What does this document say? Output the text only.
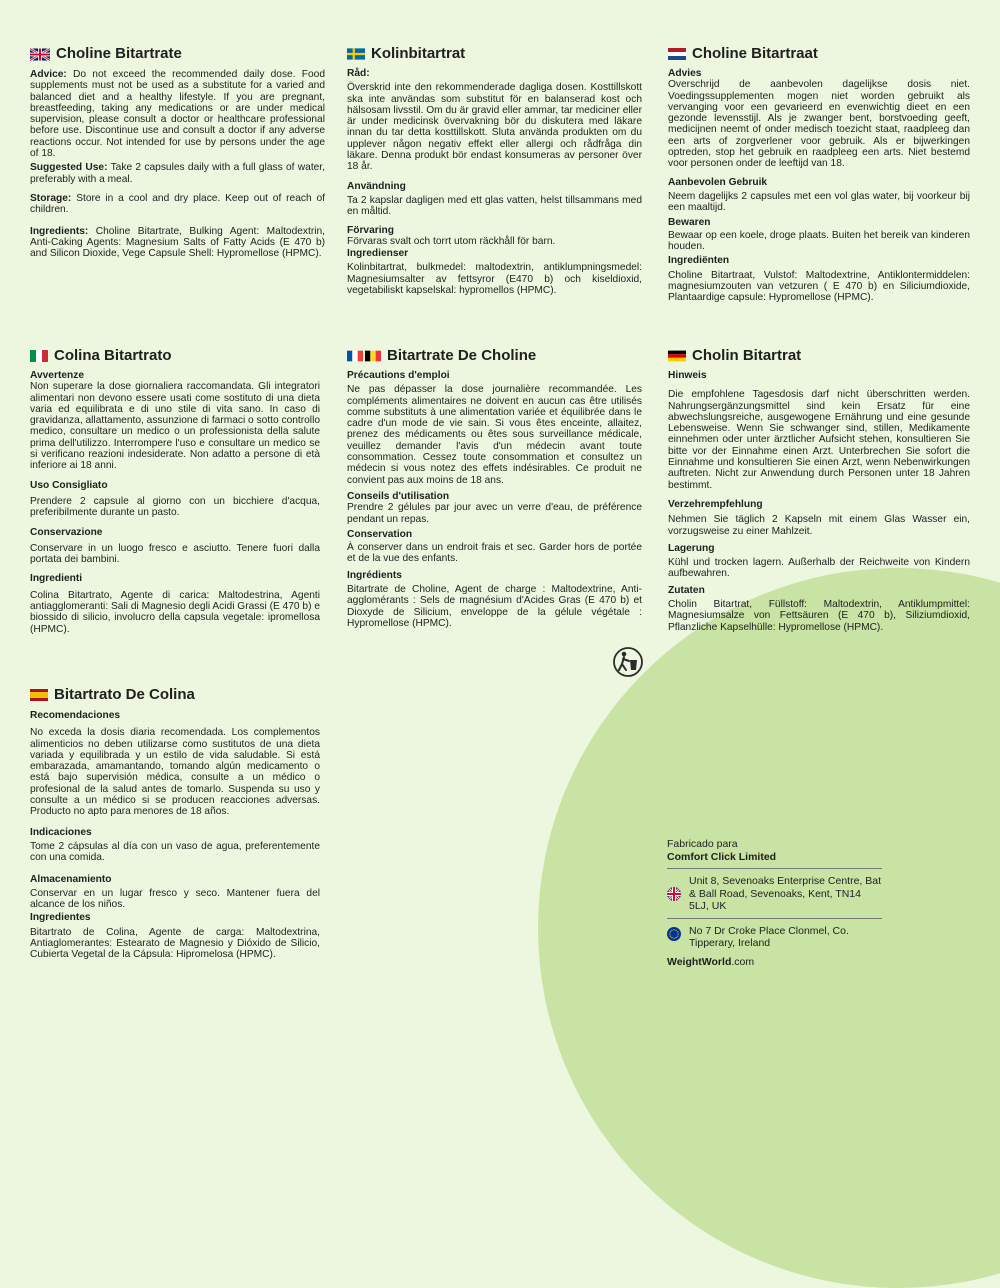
Choline Bitartrate
Advice: Do not exceed the recommended daily dose. Food supplements must not be used as a substitute for a varied and balanced diet and a healthy lifestyle. If you are pregnant, breastfeeding, taking any medications or are under medical supervision, please consult a doctor or healthcare professional before use. Discontinue use and consult a doctor if any adverse reactions occur. Not intended for use by persons under the age of 18.
Suggested Use: Take 2 capsules daily with a full glass of water, preferably with a meal.
Storage: Store in a cool and dry place. Keep out of reach of children.
Ingredients: Choline Bitartrate, Bulking Agent: Maltodextrin, Anti-Caking Agents: Magnesium Salts of Fatty Acids (E 470 b) and Silicon Dioxide, Vege Capsule Shell: Hypromellose (HPMC).
Kolinbitartrat
Råd:
Överskrid inte den rekommenderade dagliga dosen. Kosttillskott ska inte användas som substitut för en balanserad kost och hälsosam livsstil. Om du är gravid eller ammar, tar mediciner eller är under medicinsk övervakning bör du diskutera med läkare innan du tar detta kosttillskott. Sluta använda produkten om du upplever någon negativ effekt eller allergi och rådfråga din läkare. Denna produkt bör endast konsumeras av personer över 18 år.
Användning
Ta 2 kapslar dagligen med ett glas vatten, helst tillsammans med en måltid.
Förvaring
Förvaras svalt och torrt utom räckhåll för barn.
Ingredienser
Kolinbitartrat, bulkmedel: maltodextrin, antiklumpningsmedel: Magnesiumsalter av fettsyror (E470 b) och kiseldioxid, vegetabiliskt kapselskal: hypromellos (HPMC).
Choline Bitartraat
Advies
Overschrijd de aanbevolen dagelijkse dosis niet. Voedingssupplementen mogen niet worden gebruikt als vervanging voor een gevarieerd en evenwichtig dieet en een gezonde levensstijl. Als je zwanger bent, borstvoeding geeft, medicijnen neemt of onder medisch toezicht staat, raadpleeg dan een arts of zorgverlener voor gebruik. Als er bijwerkingen optreden, stop het gebruik en raadpleeg een arts. Niet bestemd voor personen onder de leeftijd van 18.
Aanbevolen Gebruik
Neem dagelijks 2 capsules met een vol glas water, bij voorkeur bij een maaltijd.
Bewaren
Bewaar op een koele, droge plaats. Buiten het bereik van kinderen houden.
Ingrediënten
Choline Bitartraat, Vulstof: Maltodextrine, Antiklontermiddelen: magnesiumzouten van vetzuren ( E 470 b) en Siliciumdioxide, Plantaardige capsule: Hypromellose (HPMC).
Colina Bitartrato
Avvertenze
Non superare la dose giornaliera raccomandata. Gli integratori alimentari non devono essere usati come sostituto di una dieta varia ed equilibrata e di uno stile di vita sano. In caso di gravidanza, allattamento, assunzione di farmaci o sotto controllo medico, consultare un medico o un professionista della salute prima dell'utilizzo. Interrompere l'uso e consultare un medico se si verificano reazioni indesiderate. Non adatto a persone di età inferiore ai 18 anni.
Uso Consigliato
Prendere 2 capsule al giorno con un bicchiere d'acqua, preferibilmente durante un pasto.
Conservazione
Conservare in un luogo fresco e asciutto. Tenere fuori dalla portata dei bambini.
Ingredienti
Colina Bitartrato, Agente di carica: Maltodestrina, Agenti antiagglomeranti: Sali di Magnesio degli Acidi Grassi (E 470 b) e biossido di silicio, involucro della capsula vegetale: ipromellosa (HPMC).
Bitartrate De Choline
Précautions d'emploi
Ne pas dépasser la dose journalière recommandée. Les compléments alimentaires ne doivent en aucun cas être utilisés comme substituts à une alimentation variée et équilibrée dans le cadre d'un mode de vie sain. Si vous êtes enceinte, allaitez, prenez des médicaments ou êtes sous surveillance médicale, veuillez demander l'avis d'un médecin avant toute consommation. Cessez toute consommation et consultez un médecin si vous notez des effets indésirables. Ce produit ne convient pas aux moins de 18 ans.
Conseils d'utilisation
Prendre 2 gélules par jour avec un verre d'eau, de préférence pendant un repas.
Conservation
À conserver dans un endroit frais et sec. Garder hors de portée et de la vue des enfants.
Ingrédients
Bitartrate de Choline, Agent de charge : Maltodextrine, Anti-agglomérants : Sels de magnésium d'Acides Gras (E 470 b) et Dioxyde de Silicium, enveloppe de la gélule végétale : Hypromellose (HPMC).
Cholin Bitartrat
Hinweis
Die empfohlene Tagesdosis darf nicht überschritten werden. Nahrungsergänzungsmittel sind kein Ersatz für eine abwechslungsreiche, ausgewogene Ernährung und eine gesunde Lebensweise. Wenn Sie schwanger sind, stillen, Medikamente einnehmen oder unter ärztlicher Aufsicht stehen, konsultieren Sie bitte vor der Einnahme einen Arzt. Unterbrechen Sie sofort die Einnahme und konsultieren Sie einen Arzt, wenn Nebenwirkungen auftreten. Nicht zur Anwendung durch Personen unter 18 Jahren bestimmt.
Verzehrempfehlung
Nehmen Sie täglich 2 Kapseln mit einem Glas Wasser ein, vorzugsweise zu einer Mahlzeit.
Lagerung
Kühl und trocken lagern. Außerhalb der Reichweite von Kindern aufbewahren.
Zutaten
Cholin Bitartrat, Füllstoff: Maltodextrin, Antiklumpmittel: Magnesiumsalze von Fettsäuren (E 470 b), Siliziumdioxid, Pflanzliche Kapselhülle: Hypromellose (HPMC).
Bitartrato De Colina
Recomendaciones
No exceda la dosis diaria recomendada. Los complementos alimenticios no deben utilizarse como sustitutos de una dieta variada y equilibrada y un estilo de vida saludable. Si está embarazada, amamantando, tomando algún medicamento o está bajo supervisión médica, consulte a un médico o profesional de la salud antes de tomarlo. Suspenda su uso y consulte a un médico si se producen reacciones adversas. Producto no apto para menores de 18 años.
Indicaciones
Tome 2 cápsulas al día con un vaso de agua, preferentemente con una comida.
Almacenamiento
Conservar en un lugar fresco y seco. Mantener fuera del alcance de los niños.
Ingredientes
Bitartrato de Colina, Agente de carga: Maltodextrina, Antiaglomerantes: Estearato de Magnesio y Dióxido de Silicio, Cubierta Vegetal de la Cápsula: Hipromelosa (HPMC).
Fabricado para
Comfort Click Limited
Unit 8, Sevenoaks Enterprise Centre, Bat & Ball Road, Sevenoaks, Kent, TN14 5LJ, UK
No 7 Dr Croke Place Clonmel, Co. Tipperary, Ireland
WeightWorld.com
